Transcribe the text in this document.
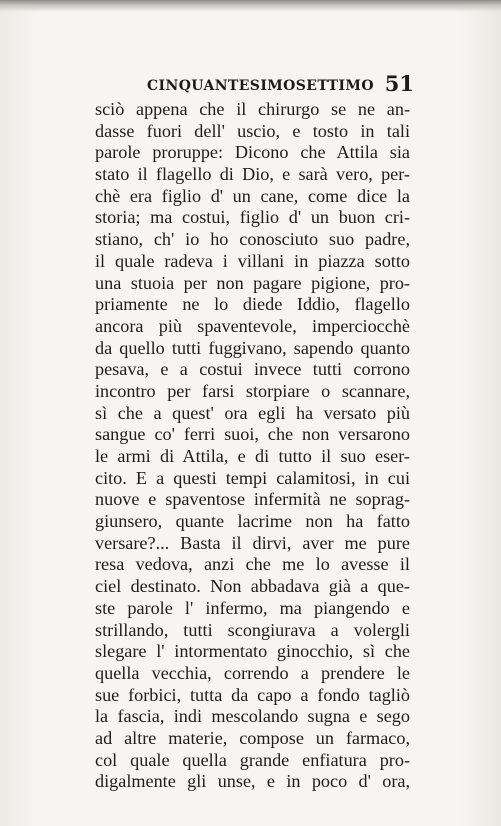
CINQUANTESIMOSETTIMO 51
sciò appena che il chirurgo se ne an-
dasse fuori dell' uscio, e tosto in tali
parole proruppe: Dicono che Attila sia
stato il flagello di Dio, e sarà vero, per-
chè era figlio d' un cane, come dice la
storia; ma costui, figlio d' un buon cri-
stiano, ch' io ho conosciuto suo padre,
il quale radeva i villani in piazza sotto
una stuoia per non pagare pigione, pro-
priamente ne lo diede Iddio, flagello
ancora più spaventevole, imperciocchè
da quello tutti fuggivano, sapendo quanto
pesava, e a costui invece tutti corrono
incontro per farsi storpiare o scannare,
sì che a quest' ora egli ha versato più
sangue co' ferri suoi, che non versarono
le armi di Attila, e di tutto il suo eser-
cito. E a questi tempi calamitosi, in cui
nuove e spaventose infermità ne soprag-
giunsero, quante lacrime non ha fatto
versare?... Basta il dirvi, aver me pure
resa vedova, anzi che me lo avesse il
ciel destinato. Non abbadava già a que-
ste parole l' infermo, ma piangendo e
strillando, tutti scongiurava a volergli
slegare l' intormentato ginocchio, sì che
quella vecchia, correndo a prendere le
sue forbici, tutta da capo a fondo tagliò
la fascia, indi mescolando sugna e sego
ad altre materie, compose un farmaco,
col quale quella grande enfiatura pro-
digalmente gli unse, e in poco d' ora,
